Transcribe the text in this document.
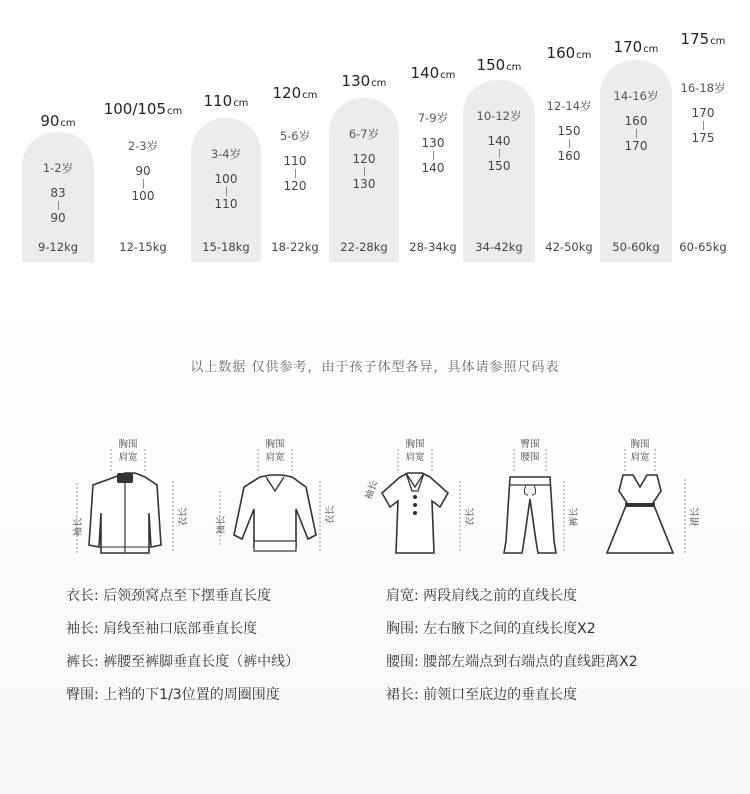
90cm
1-2岁
83
90
9-12kg
100/105cm
2-3岁
90
100
12-15kg
110cm
3-4岁
100
110
15-18kg
120cm
5-6岁
110
120
18-22kg
130cm
6-7岁
120
130
22-28kg
140cm
7-9岁
130
140
28-34kg
150cm
10-12岁
140
150
34-42kg
160cm
12-14岁
150
160
42-50kg
170cm
14-16岁
160
170
50-60kg
175cm
16-18岁
170
175
60-65kg
以上数据 仅供参考，由于孩子体型各异，具体请参照尺码表
胸围
肩宽
袖长
衣长
胸围
肩宽
袖长
衣长
胸围
肩宽
袖长
衣长
臀围
腰围
裤长
胸围
肩宽
裙长
衣长: 后领颈窝点至下摆垂直长度
袖长: 肩线至袖口底部垂直长度
裤长: 裤腰至裤脚垂直长度（裤中线）
臀围: 上裆的下1/3位置的周圈围度
肩宽: 两段肩线之前的直线长度
胸围: 左右腋下之间的直线长度X2
腰围: 腰部左端点到右端点的直线距离X2
裙长: 前领口至底边的垂直长度
